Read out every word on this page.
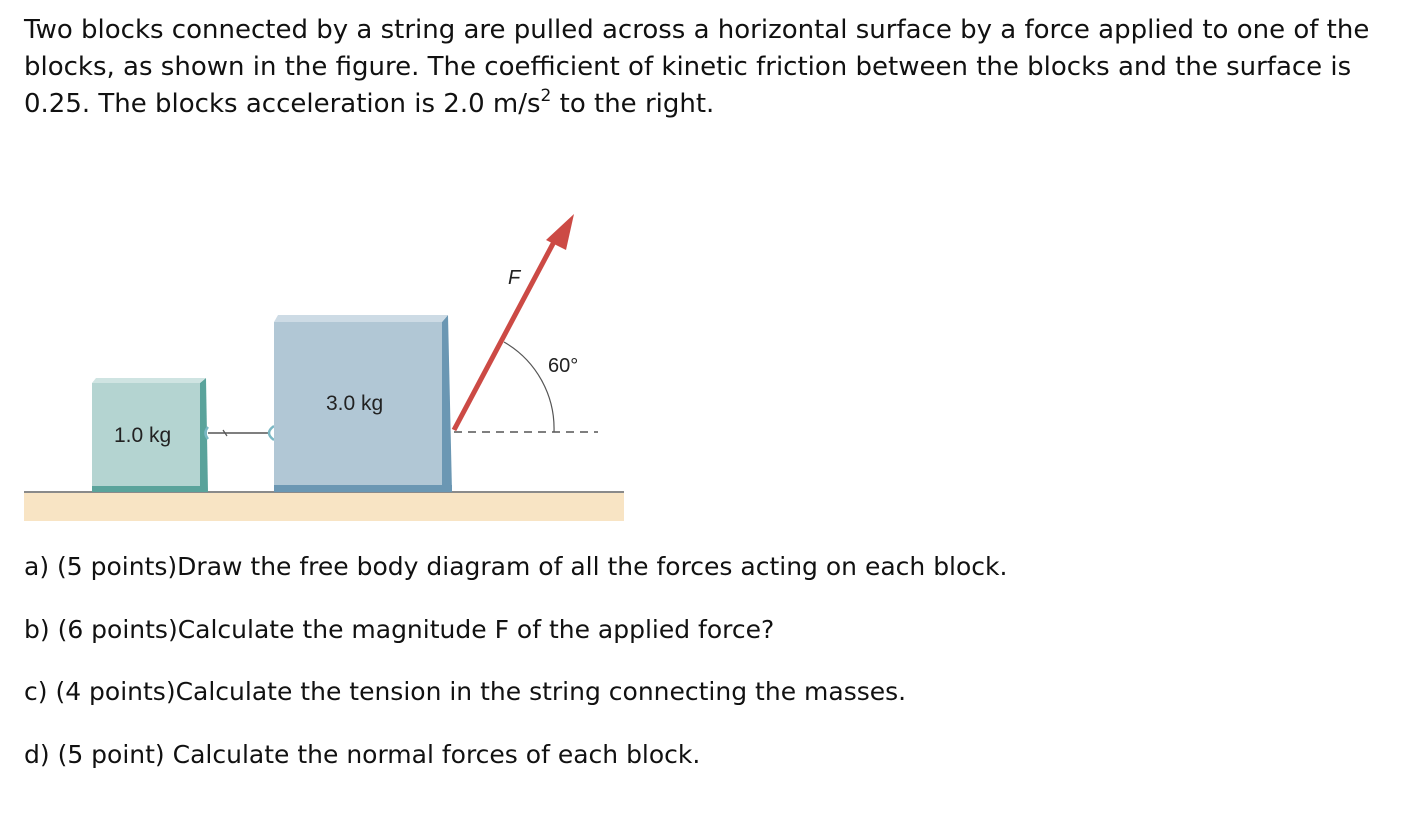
Two blocks connected by a string are pulled across a horizontal surface by a force applied to one of the blocks, as shown in the figure. The coefficient of kinetic friction between the blocks and the surface is 0.25. The blocks acceleration is 2.0 $m/s^2$ to the right.

1.0 kg
3.0 kg
60°
F

a) (5 points)Draw the free body diagram of all the forces acting on each block.

b) (6 points)Calculate the magnitude F of the applied force?

c) (4 points)Calculate the tension in the string connecting the masses.

d) (5 point) Calculate the normal forces of each block.
